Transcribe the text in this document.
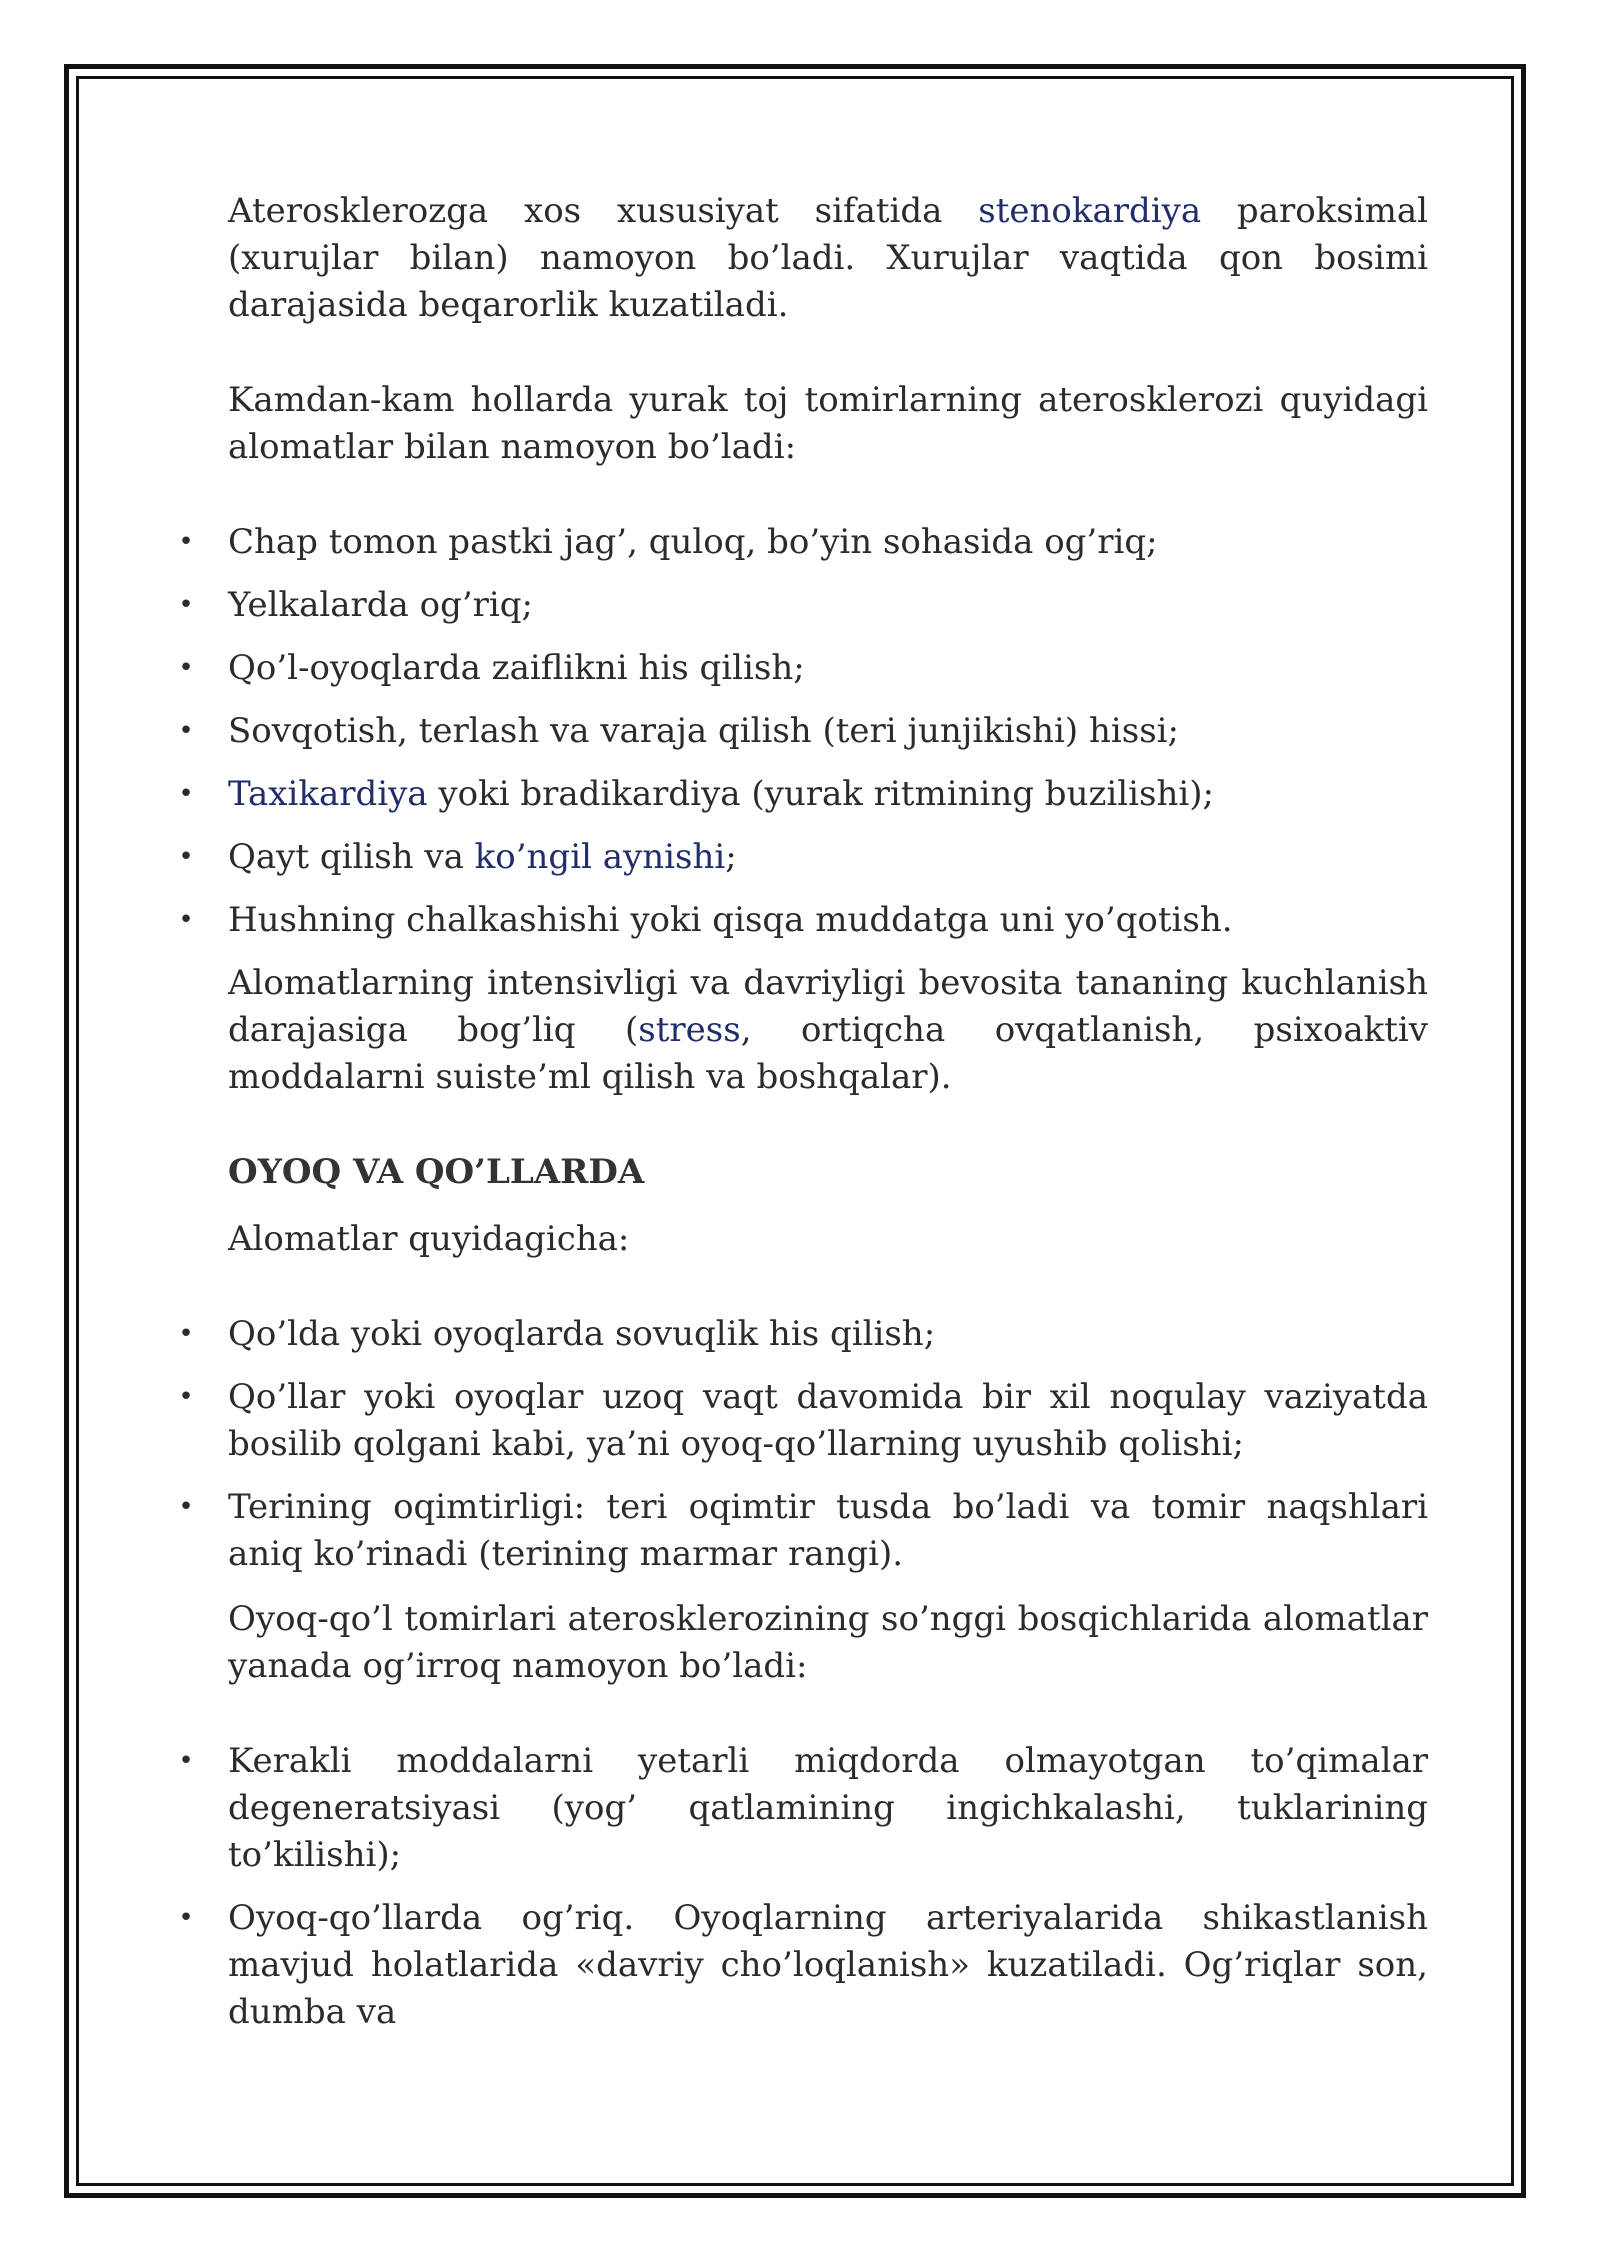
Aterosklerozga xos xususiyat sifatida stenokardiya paroksimal (xurujlar bilan) namoyon bo’ladi. Xurujlar vaqtida qon bosimi darajasida beqarorlik kuzatiladi.

Kamdan-kam hollarda yurak toj tomirlarning aterosklerozi quyidagi alomatlar bilan namoyon bo’ladi:

• Chap tomon pastki jag’, quloq, bo’yin sohasida og’riq;
• Yelkalarda og’riq;
• Qo’l-oyoqlarda zaiflikni his qilish;
• Sovqotish, terlash va varaja qilish (teri junjikishi) hissi;
• Taxikardiya yoki bradikardiya (yurak ritmining buzilishi);
• Qayt qilish va ko’ngil aynishi;
• Hushning chalkashishi yoki qisqa muddatga uni yo’qotish.

Alomatlarning intensivligi va davriyligi bevosita tananing kuchlanish darajasiga bog’liq (stress, ortiqcha ovqatlanish, psixoaktiv moddalarni suiste’ml qilish va boshqalar).

OYOQ VA QO’LLARDA

Alomatlar quyidagicha:

• Qo’lda yoki oyoqlarda sovuqlik his qilish;
• Qo’llar yoki oyoqlar uzoq vaqt davomida bir xil noqulay vaziyatda bosilib qolgani kabi, ya’ni oyoq-qo’llarning uyushib qolishi;
• Terining oqimtirligi: teri oqimtir tusda bo’ladi va tomir naqshlari aniq ko’rinadi (terining marmar rangi).

Oyoq-qo’l tomirlari aterosklerozining so’nggi bosqichlarida alomatlar yanada og’irroq namoyon bo’ladi:

• Kerakli moddalarni yetarli miqdorda olmayotgan to’qimalar degeneratsiyasi (yog’ qatlamining ingichkalashi, tuklarining to’kilishi);
• Oyoq-qo’llarda og’riq. Oyoqlarning arteriyalarida shikastlanish mavjud holatlarida «davriy cho’loqlanish» kuzatiladi. Og’riqlar son, dumba va
